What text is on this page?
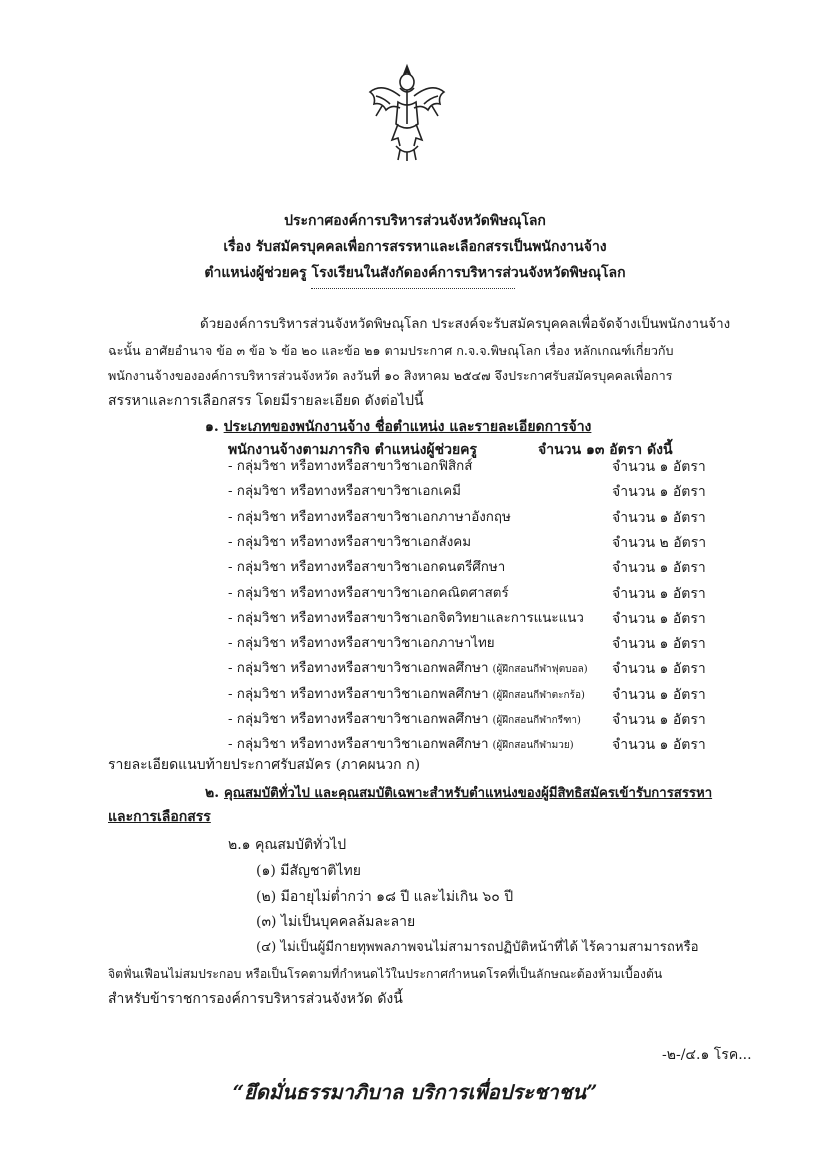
ประกาศองค์การบริหารส่วนจังหวัดพิษณุโลก
เรื่อง รับสมัครบุคคลเพื่อการสรรหาและเลือกสรรเป็นพนักงานจ้าง
ตำแหน่งผู้ช่วยครู โรงเรียนในสังกัดองค์การบริหารส่วนจังหวัดพิษณุโลก
ด้วยองค์การบริหารส่วนจังหวัดพิษณุโลก ประสงค์จะรับสมัครบุคคลเพื่อจัดจ้างเป็นพนักงานจ้าง
ฉะนั้น อาศัยอำนาจ ข้อ ๓ ข้อ ๖ ข้อ ๒๐ และข้อ ๒๑ ตามประกาศ ก.จ.จ.พิษณุโลก เรื่อง หลักเกณฑ์เกี่ยวกับ
พนักงานจ้างขององค์การบริหารส่วนจังหวัด ลงวันที่ ๑๐ สิงหาคม ๒๕๔๗ จึงประกาศรับสมัครบุคคลเพื่อการ
สรรหาและการเลือกสรร โดยมีรายละเอียด ดังต่อไปนี้
๑. ประเภทของพนักงานจ้าง ชื่อตำแหน่ง และรายละเอียดการจ้าง
พนักงานจ้างตามภารกิจ ตำแหน่งผู้ช่วยครู	จำนวน ๑๓ อัตรา ดังนี้
- กลุ่มวิชา หรือทางหรือสาขาวิชาเอกฟิสิกส์	จำนวน ๑ อัตรา
- กลุ่มวิชา หรือทางหรือสาขาวิชาเอกเคมี	จำนวน ๑ อัตรา
- กลุ่มวิชา หรือทางหรือสาขาวิชาเอกภาษาอังกฤษ	จำนวน ๑ อัตรา
- กลุ่มวิชา หรือทางหรือสาขาวิชาเอกสังคม	จำนวน ๒ อัตรา
- กลุ่มวิชา หรือทางหรือสาขาวิชาเอกดนตรีศึกษา	จำนวน ๑ อัตรา
- กลุ่มวิชา หรือทางหรือสาขาวิชาเอกคณิตศาสตร์	จำนวน ๑ อัตรา
- กลุ่มวิชา หรือทางหรือสาขาวิชาเอกจิตวิทยาและการแนะแนว จำนวน ๑ อัตรา
- กลุ่มวิชา หรือทางหรือสาขาวิชาเอกภาษาไทย	จำนวน ๑ อัตรา
- กลุ่มวิชา หรือทางหรือสาขาวิชาเอกพลศึกษา (ผู้ฝึกสอนกีฬาฟุตบอล) จำนวน ๑ อัตรา
- กลุ่มวิชา หรือทางหรือสาขาวิชาเอกพลศึกษา (ผู้ฝึกสอนกีฬาตะกร้อ) จำนวน ๑ อัตรา
- กลุ่มวิชา หรือทางหรือสาขาวิชาเอกพลศึกษา (ผู้ฝึกสอนกีฬากรีฑา) จำนวน ๑ อัตรา
- กลุ่มวิชา หรือทางหรือสาขาวิชาเอกพลศึกษา (ผู้ฝึกสอนกีฬามวย)	จำนวน ๑ อัตรา
รายละเอียดแนบท้ายประกาศรับสมัคร (ภาคผนวก ก)
๒. คุณสมบัติทั่วไป และคุณสมบัติเฉพาะสำหรับตำแหน่งของผู้มีสิทธิสมัครเข้ารับการสรรหา
และการเลือกสรร
๒.๑ คุณสมบัติทั่วไป
(๑) มีสัญชาติไทย
(๒) มีอายุไม่ต่ำกว่า ๑๘ ปี และไม่เกิน ๖๐ ปี
(๓) ไม่เป็นบุคคลล้มละลาย
(๔) ไม่เป็นผู้มีกายทุพพลภาพจนไม่สามารถปฏิบัติหน้าที่ได้ ไร้ความสามารถหรือ
จิตฟั่นเฟือนไม่สมประกอบ หรือเป็นโรคตามที่กำหนดไว้ในประกาศกำหนดโรคที่เป็นลักษณะต้องห้ามเบื้องต้น
สำหรับข้าราชการองค์การบริหารส่วนจังหวัด ดังนี้
-๒-/๔.๑ โรค...
“ยึดมั่นธรรมาภิบาล บริการเพื่อประชาชน”
